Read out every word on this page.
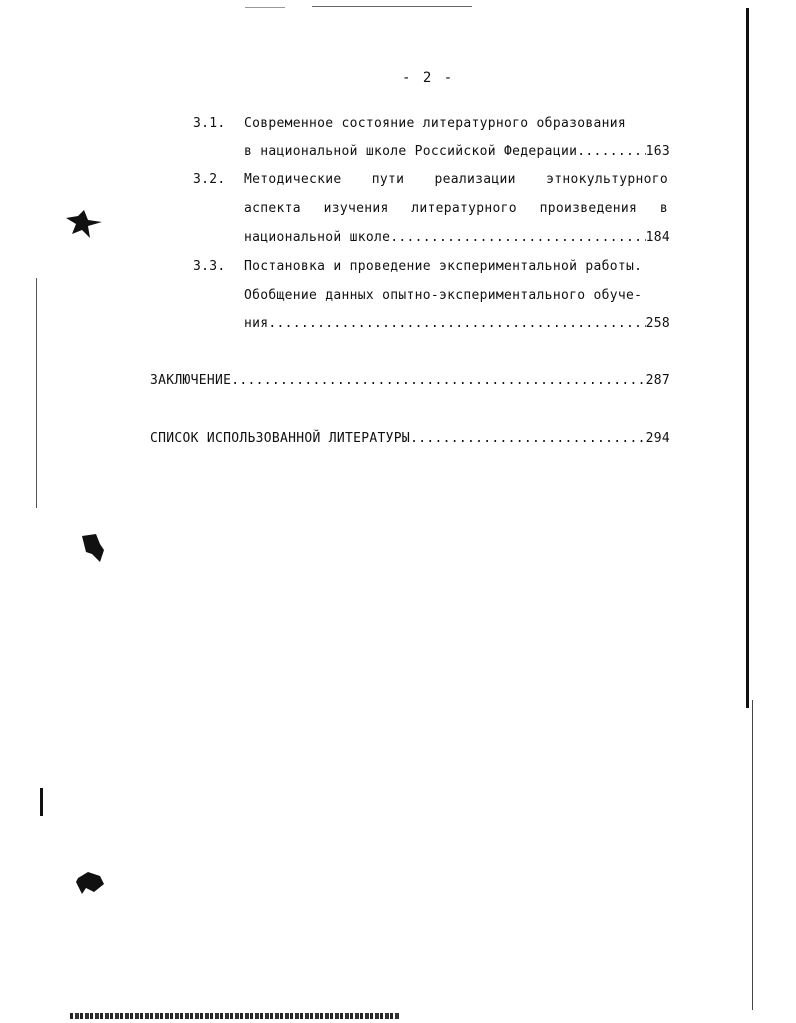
- 2 -
3.1. Современное состояние литературного образования
в национальной школе Российской Федерации .....	163
3.2. Методические пути реализации этнокультурного
аспекта изучения литературного произведения в
национальной школе .....	184
3.3. Постановка и проведение экспериментальной работы.
Обобщение данных опытно-экспериментального обуче-
ния .....	258
ЗАКЛЮЧЕНИЕ .....	287
СПИСОК ИСПОЛЬЗОВАННОЙ ЛИТЕРАТУРЫ .....	294
